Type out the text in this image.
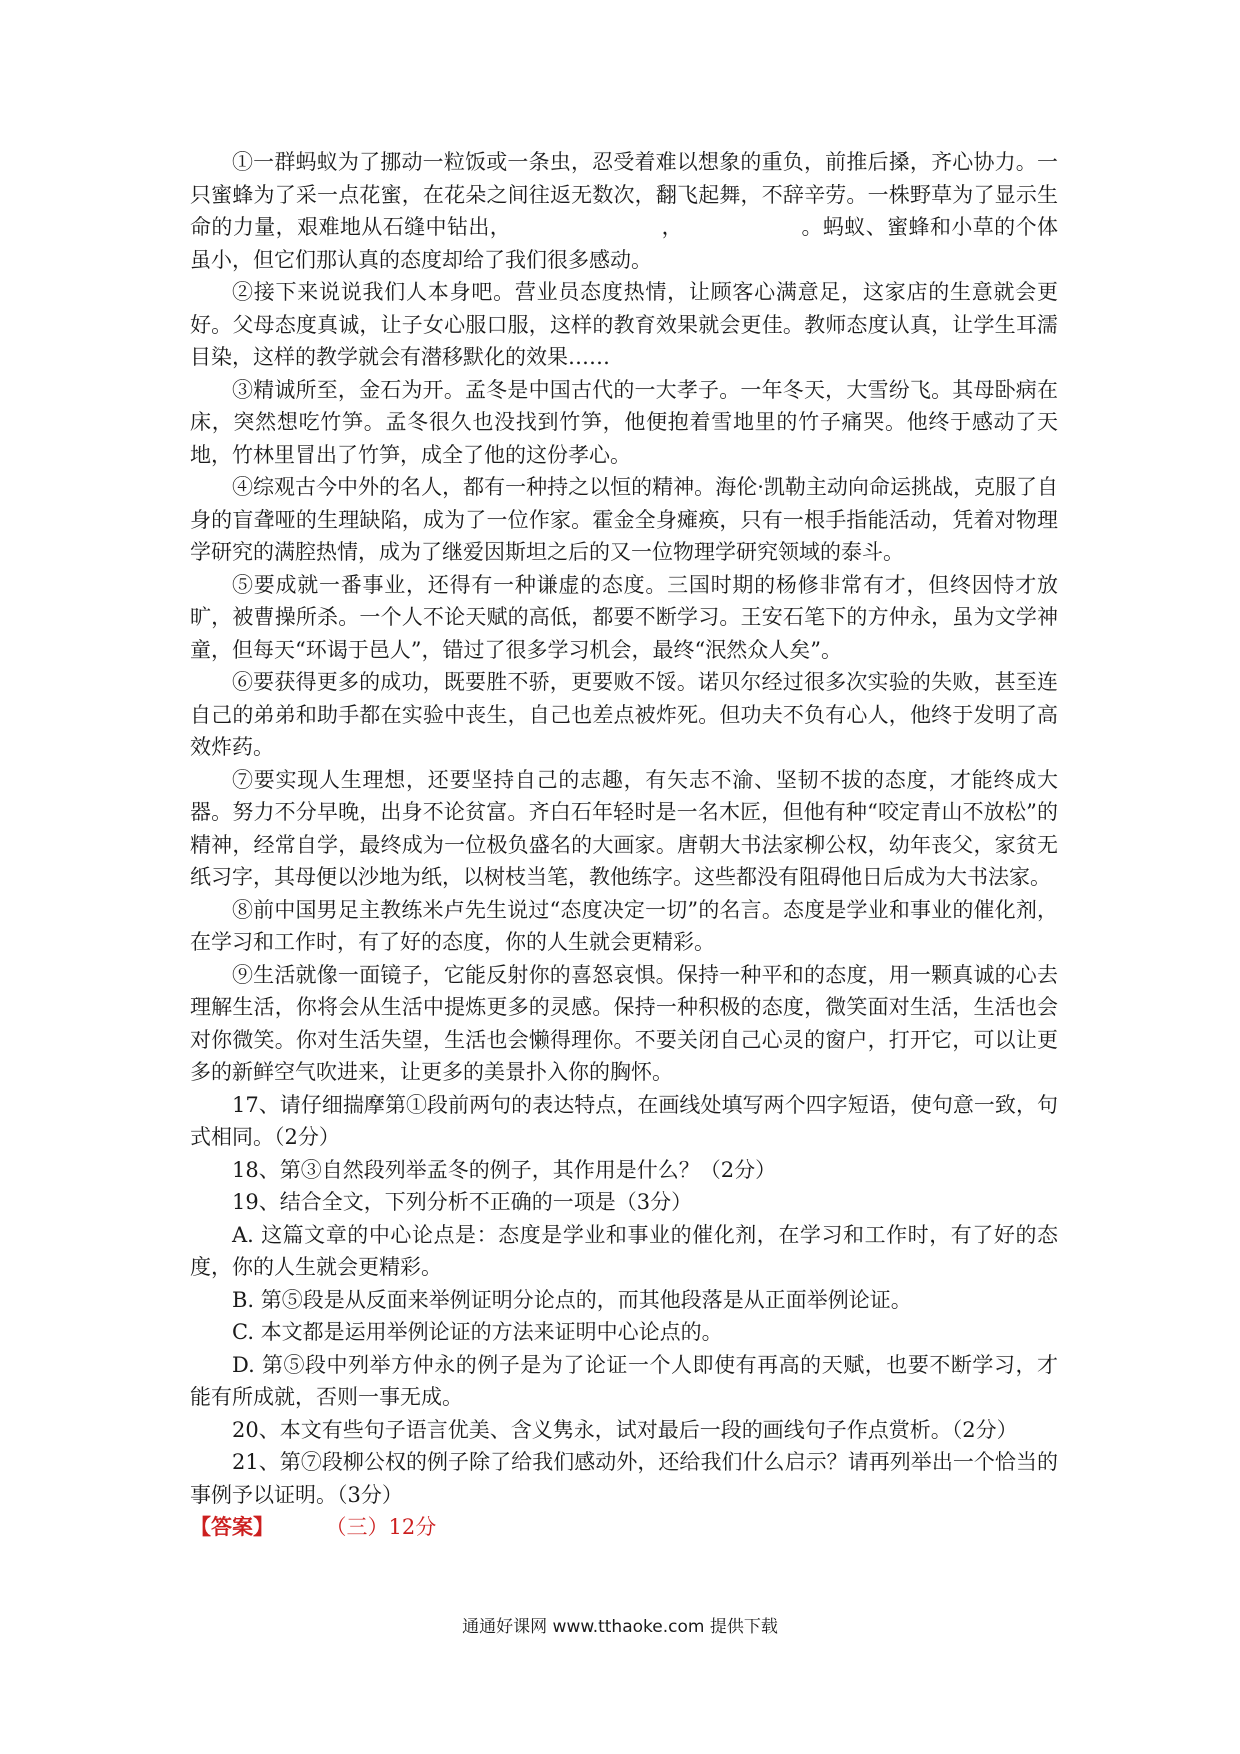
①一群蚂蚁为了挪动一粒饭或一条虫，忍受着难以想象的重负，前推后搡，齐心协力。一只蜜蜂为了采一点花蜜，在花朵之间往返无数次，翻飞起舞，不辞辛劳。一株野草为了显示生命的力量，艰难地从石缝中钻出，	，	。蚂蚁、蜜蜂和小草的个体虽小，但它们那认真的态度却给了我们很多感动。

②接下来说说我们人本身吧。营业员态度热情，让顾客心满意足，这家店的生意就会更好。父母态度真诚，让子女心服口服，这样的教育效果就会更佳。教师态度认真，让学生耳濡目染，这样的教学就会有潜移默化的效果……

③精诚所至，金石为开。孟冬是中国古代的一大孝子。一年冬天，大雪纷飞。其母卧病在床，突然想吃竹笋。孟冬很久也没找到竹笋，他便抱着雪地里的竹子痛哭。他终于感动了天地，竹林里冒出了竹笋，成全了他的这份孝心。

④综观古今中外的名人，都有一种持之以恒的精神。海伦·凯勒主动向命运挑战，克服了自身的盲聋哑的生理缺陷，成为了一位作家。霍金全身瘫痪，只有一根手指能活动，凭着对物理学研究的满腔热情，成为了继爱因斯坦之后的又一位物理学研究领域的泰斗。

⑤要成就一番事业，还得有一种谦虚的态度。三国时期的杨修非常有才，但终因恃才放旷，被曹操所杀。一个人不论天赋的高低，都要不断学习。王安石笔下的方仲永，虽为文学神童，但每天“环谒于邑人”，错过了很多学习机会，最终“泯然众人矣”。

⑥要获得更多的成功，既要胜不骄，更要败不馁。诺贝尔经过很多次实验的失败，甚至连自己的弟弟和助手都在实验中丧生，自己也差点被炸死。但功夫不负有心人，他终于发明了高效炸药。

⑦要实现人生理想，还要坚持自己的志趣，有矢志不渝、坚韧不拔的态度，才能终成大器。努力不分早晚，出身不论贫富。齐白石年轻时是一名木匠，但他有种“咬定青山不放松”的精神，经常自学，最终成为一位极负盛名的大画家。唐朝大书法家柳公权，幼年丧父，家贫无纸习字，其母便以沙地为纸，以树枝当笔，教他练字。这些都没有阻碍他日后成为大书法家。

⑧前中国男足主教练米卢先生说过“态度决定一切”的名言。态度是学业和事业的催化剂，在学习和工作时，有了好的态度，你的人生就会更精彩。

⑨生活就像一面镜子，它能反射你的喜怒哀惧。保持一种平和的态度，用一颗真诚的心去理解生活，你将会从生活中提炼更多的灵感。保持一种积极的态度，微笑面对生活，生活也会对你微笑。你对生活失望，生活也会懒得理你。不要关闭自己心灵的窗户，打开它，可以让更多的新鲜空气吹进来，让更多的美景扑入你的胸怀。

17、请仔细揣摩第①段前两句的表达特点，在画线处填写两个四字短语，使句意一致，句式相同。（2分）

18、第③自然段列举孟冬的例子，其作用是什么？（2分）

19、结合全文，下列分析不正确的一项是（3分）

A. 这篇文章的中心论点是：态度是学业和事业的催化剂，在学习和工作时，有了好的态度，你的人生就会更精彩。

B. 第⑤段是从反面来举例证明分论点的，而其他段落是从正面举例论证。

C. 本文都是运用举例论证的方法来证明中心论点的。

D. 第⑤段中列举方仲永的例子是为了论证一个人即使有再高的天赋，也要不断学习，才能有所成就，否则一事无成。

20、本文有些句子语言优美、含义隽永，试对最后一段的画线句子作点赏析。（2分）

21、第⑦段柳公权的例子除了给我们感动外，还给我们什么启示？请再列举出一个恰当的事例予以证明。（3分）

【答案】	（三）12分

通通好课网 www.tthaoke.com 提供下载
